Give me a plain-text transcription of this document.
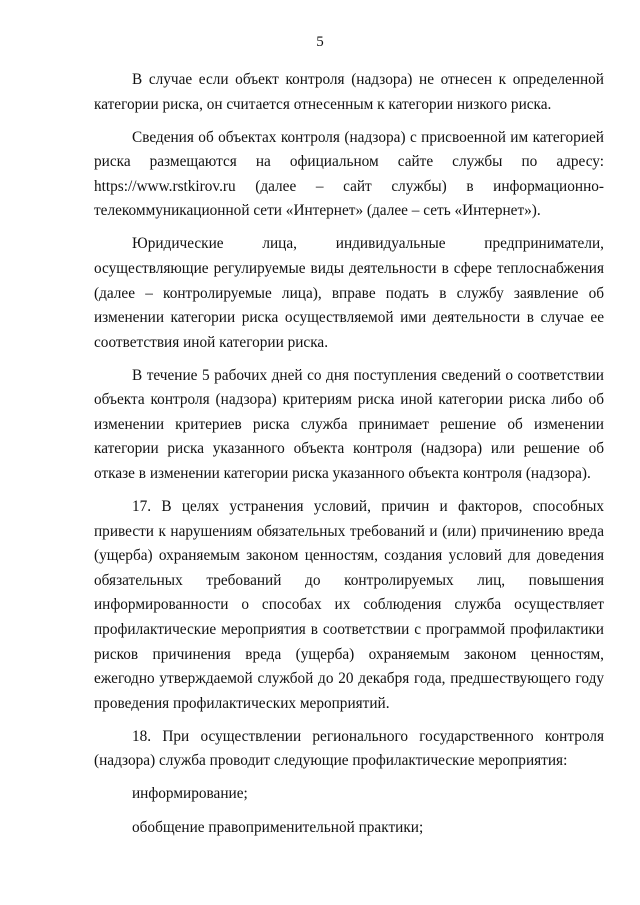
5

В случае если объект контроля (надзора) не отнесен к определенной категории риска, он считается отнесенным к категории низкого риска.

Сведения об объектах контроля (надзора) с присвоенной им категорией риска размещаются на официальном сайте службы по адресу: https://www.rstkirov.ru (далее – сайт службы) в информационно-телекоммуникационной сети «Интернет» (далее – сеть «Интернет»).

Юридические лица, индивидуальные предприниматели, осуществляющие регулируемые виды деятельности в сфере теплоснабжения (далее – контролируемые лица), вправе подать в службу заявление об изменении категории риска осуществляемой ими деятельности в случае ее соответствия иной категории риска.

В течение 5 рабочих дней со дня поступления сведений о соответствии объекта контроля (надзора) критериям риска иной категории риска либо об изменении критериев риска служба принимает решение об изменении категории риска указанного объекта контроля (надзора) или решение об отказе в изменении категории риска указанного объекта контроля (надзора).

17. В целях устранения условий, причин и факторов, способных привести к нарушениям обязательных требований и (или) причинению вреда (ущерба) охраняемым законом ценностям, создания условий для доведения обязательных требований до контролируемых лиц, повышения информированности о способах их соблюдения служба осуществляет профилактические мероприятия в соответствии с программой профилактики рисков причинения вреда (ущерба) охраняемым законом ценностям, ежегодно утверждаемой службой до 20 декабря года, предшествующего году проведения профилактических мероприятий.

18. При осуществлении регионального государственного контроля (надзора) служба проводит следующие профилактические мероприятия:

информирование;

обобщение правоприменительной практики;
